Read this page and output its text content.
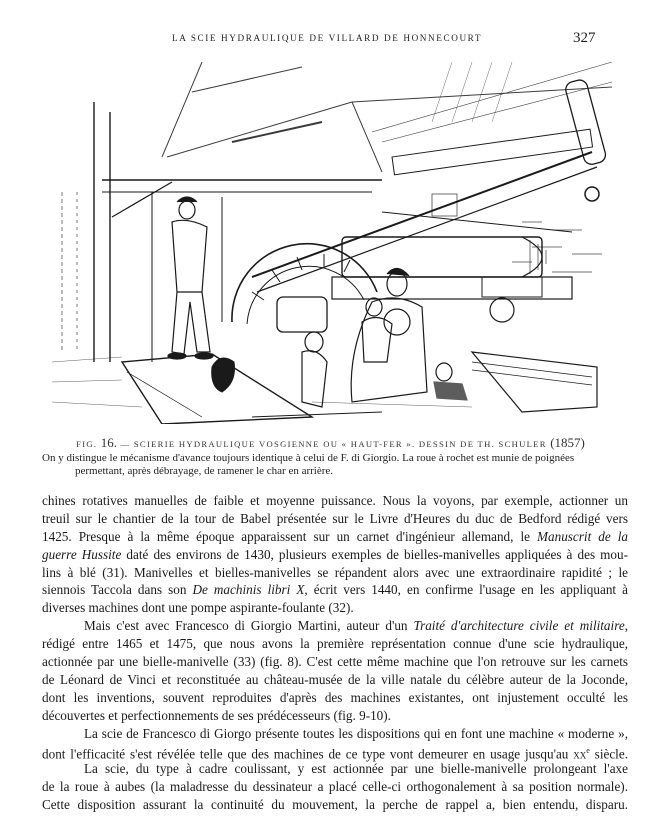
LA SCIE HYDRAULIQUE DE VILLARD DE HONNECOURT	327
FIG. 16. — SCIERIE HYDRAULIQUE VOSGIENNE OU « HAUT-FER ». DESSIN DE TH. SCHULER (1857)
On y distingue le mécanisme d'avance toujours identique à celui de F. di Giorgio. La roue à rochet est munie de poignées
permettant, après débrayage, de ramener le char en arrière.
chines rotatives manuelles de faible et moyenne puissance. Nous la voyons, par exemple, actionner un
treuil sur le chantier de la tour de Babel présentée sur le Livre d'Heures du duc de Bedford rédigé vers
1425. Presque à la même époque apparaissent sur un carnet d'ingénieur allemand, le Manuscrit de la
guerre Hussite daté des environs de 1430, plusieurs exemples de bielles-manivelles appliquées à des mou-
lins à blé (31). Manivelles et bielles-manivelles se répandent alors avec une extraordinaire rapidité ; le
siennois Taccola dans son De machinis libri X, écrit vers 1440, en confirme l'usage en les appliquant à
diverses machines dont une pompe aspirante-foulante (32).
Mais c'est avec Francesco di Giorgio Martini, auteur d'un Traité d'architecture civile et militaire,
rédigé entre 1465 et 1475, que nous avons la première représentation connue d'une scie hydraulique,
actionnée par une bielle-manivelle (33) (fig. 8). C'est cette même machine que l'on retrouve sur les carnets
de Léonard de Vinci et reconstituée au château-musée de la ville natale du célèbre auteur de la Joconde,
dont les inventions, souvent reproduites d'après des machines existantes, ont injustement occulté les
découvertes et perfectionnements de ses prédécesseurs (fig. 9-10).
La scie de Francesco di Giorgo présente toutes les dispositions qui en font une machine « moderne »,
dont l'efficacité s'est révélée telle que des machines de ce type vont demeurer en usage jusqu'au $xx^e$ siècle.
La scie, du type à cadre coulissant, y est actionnée par une bielle-manivelle prolongeant l'axe
de la roue à aubes (la maladresse du dessinateur a placé celle-ci orthogonalement à sa position normale).
Cette disposition assurant la continuité du mouvement, la perche de rappel a, bien entendu, disparu.
